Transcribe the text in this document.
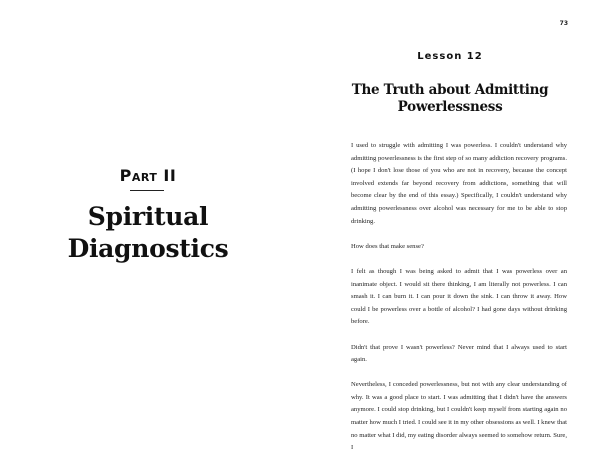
Part II
Spiritual
Diagnostics
73
Lesson 12
The Truth about Admitting Powerlessness

I used to struggle with admitting I was powerless. I couldn't understand why admitting powerlessness is the first step of so many addiction recovery programs. (I hope I don't lose those of you who are not in recovery, because the concept involved extends far beyond recovery from addictions, something that will become clear by the end of this essay.) Specifically, I couldn't understand why admitting powerlessness over alcohol was necessary for me to be able to stop drinking.

How does that make sense?

I felt as though I was being asked to admit that I was powerless over an inanimate object. I would sit there thinking, I am literally not powerless. I can smash it. I can burn it. I can pour it down the sink. I can throw it away. How could I be powerless over a bottle of alcohol? I had gone days without drinking before.

Didn't that prove I wasn't powerless? Never mind that I always used to start again.

Nevertheless, I conceded powerlessness, but not with any clear understanding of why. It was a good place to start. I was admitting that I didn't have the answers anymore. I could stop drinking, but I couldn't keep myself from starting again no matter how much I tried. I could see it in my other obsessions as well. I knew that no matter what I did, my eating disorder always seemed to somehow return. Sure, I
